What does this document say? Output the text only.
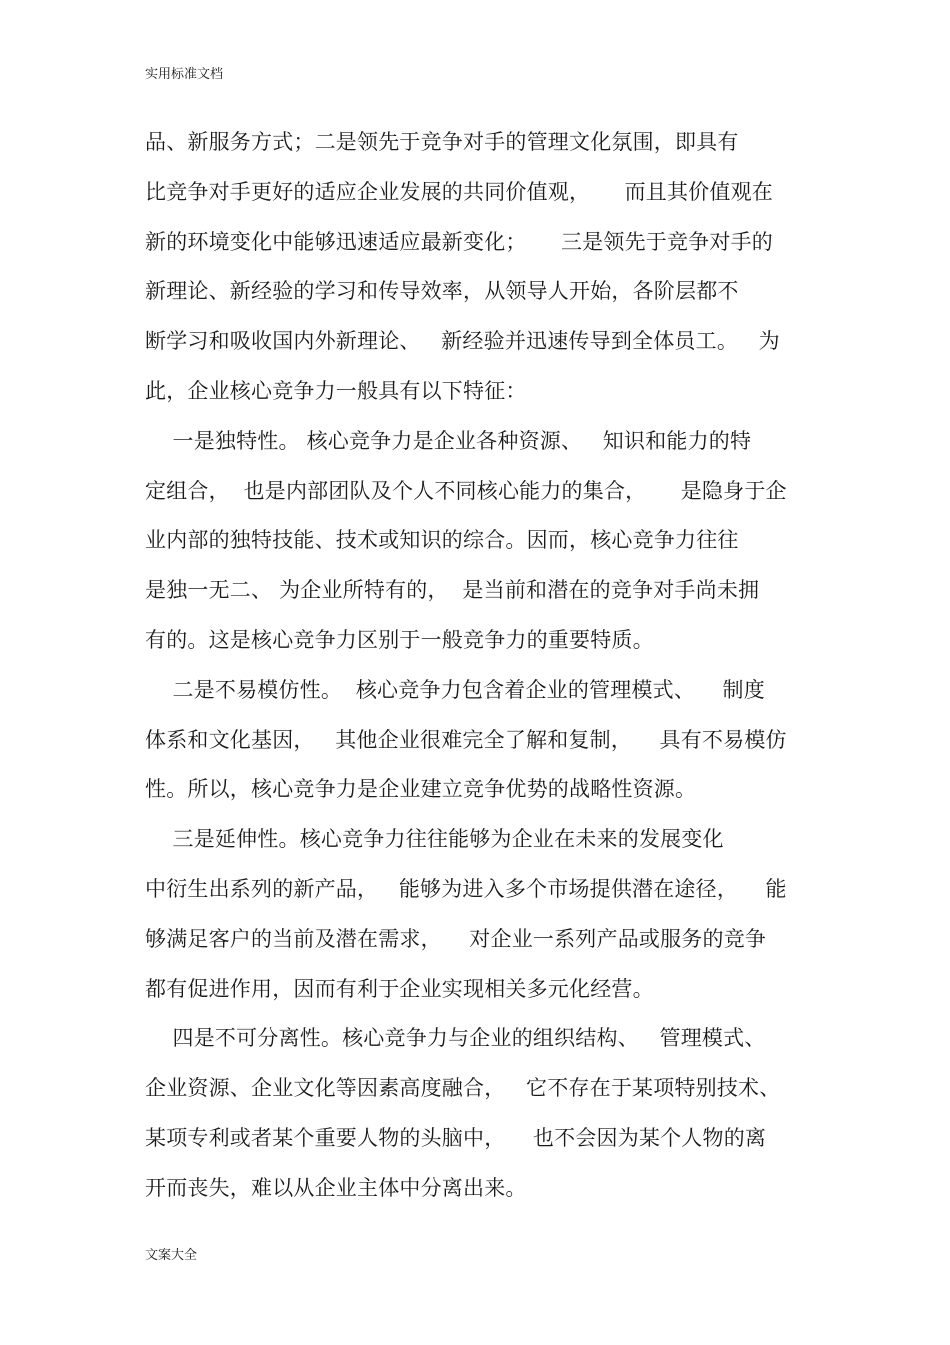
实用标准文档
品、新服务方式；二是领先于竞争对手的管理文化氛围，即具有
比竞争对手更好的适应企业发展的共同价值观，     而且其价值观在
新的环境变化中能够迅速适应最新变化；     三是领先于竞争对手的
新理论、新经验的学习和传导效率，从领导人开始，各阶层都不
断学习和吸收国内外新理论、   新经验并迅速传导到全体员工。   为
此，企业核心竞争力一般具有以下特征：
一是独特性。 核心竞争力是企业各种资源、   知识和能力的特
定组合，  也是内部团队及个人不同核心能力的集合，     是隐身于企
业内部的独特技能、技术或知识的综合。因而，核心竞争力往往
是独一无二、 为企业所特有的，  是当前和潜在的竞争对手尚未拥
有的。这是核心竞争力区别于一般竞争力的重要特质。
二是不易模仿性。  核心竞争力包含着企业的管理模式、    制度
体系和文化基因，   其他企业很难完全了解和复制，    具有不易模仿
性。所以，核心竞争力是企业建立竞争优势的战略性资源。
三是延伸性。核心竞争力往往能够为企业在未来的发展变化
中衍生出系列的新产品，   能够为进入多个市场提供潜在途径，    能
够满足客户的当前及潜在需求，    对企业一系列产品或服务的竞争
都有促进作用，因而有利于企业实现相关多元化经营。
四是不可分离性。核心竞争力与企业的组织结构、   管理模式、
企业资源、企业文化等因素高度融合，   它不存在于某项特别技术、
某项专利或者某个重要人物的头脑中，    也不会因为某个人物的离
开而丧失，难以从企业主体中分离出来。
文案大全
